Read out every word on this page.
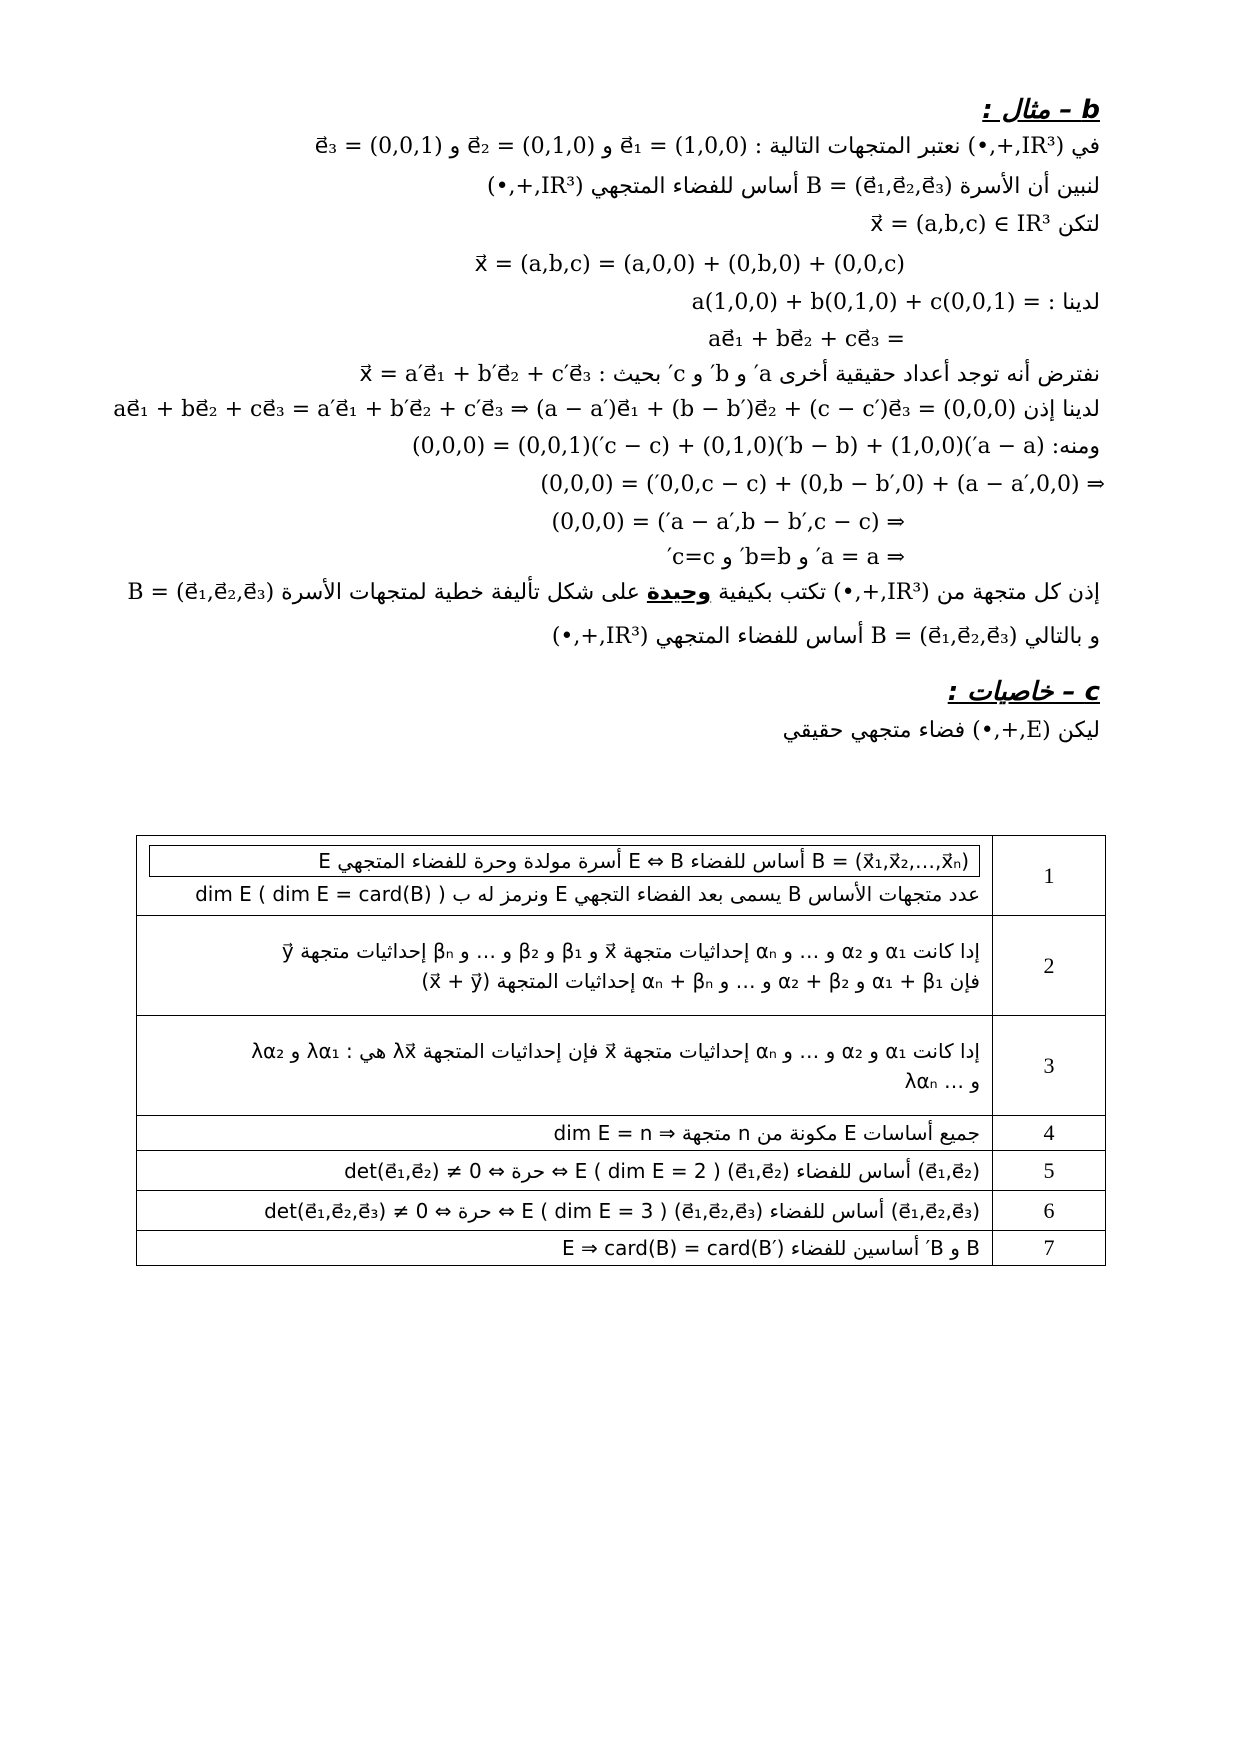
b – مثال :
في (IR³,+,•) نعتبر المتجهات التالية : e⃗₁ = (1,0,0) و e⃗₂ = (0,1,0) و e⃗₃ = (0,0,1)
لنبين أن الأسرة B = (e⃗₁,e⃗₂,e⃗₃) أساس للفضاء المتجهي (IR³,+,•)
لتكن x⃗ = (a,b,c) ∈ IR³
x⃗ = (a,b,c) = (a,0,0) + (0,b,0) + (0,0,c)
لدينا : = a(1,0,0) + b(0,1,0) + c(0,0,1)
= ae⃗₁ + be⃗₂ + ce⃗₃
نفترض أنه توجد أعداد حقيقية أخرى a′ و b′ و c′ بحيث : x⃗ = a′e⃗₁ + b′e⃗₂ + c′e⃗₃
لدينا إذن ae⃗₁ + be⃗₂ + ce⃗₃ = a′e⃗₁ + b′e⃗₂ + c′e⃗₃ ⇒ (a − a′)e⃗₁ + (b − b′)e⃗₂ + (c − c′)e⃗₃ = (0,0,0)
ومنه: (a − a′)(1,0,0) + (b − b′)(0,1,0) + (c − c′)(0,0,1) = (0,0,0)
⇒ (a − a′,0,0) + (0,b − b′,0) + (0,0,c − c′) = (0,0,0)
⇒ (a − a′,b − b′,c − c′) = (0,0,0)
⇒ a = a′ و b=b′ و c=c′
إذن كل متجهة من (IR³,+,•) تكتب بكيفية وحيدة على شكل تأليفة خطية لمتجهات الأسرة B = (e⃗₁,e⃗₂,e⃗₃)
و بالتالي B = (e⃗₁,e⃗₂,e⃗₃) أساس للفضاء المتجهي (IR³,+,•)
c – خاصيات :
ليكن (E,+,•) فضاء متجهي حقيقي
B = (x⃗₁,x⃗₂,…,x⃗ₙ) أساس للفضاء E ⇔ B أسرة مولدة وحرة للفضاء المتجهي E
عدد متجهات الأساس B يسمى بعد الفضاء التجهي E ونرمز له ب dim E ( dim E = card(B) )	1

إدا كانت α₁ و α₂ و … و αₙ إحداثيات متجهة x⃗ و β₁ و β₂ و … و βₙ إحداثيات متجهة y⃗
فإن α₁ + β₁ و α₂ + β₂ و … و αₙ + βₙ إحداثيات المتجهة (x⃗ + y⃗)	2

إدا كانت α₁ و α₂ و … و αₙ إحداثيات متجهة x⃗ فإن إحداثيات المتجهة λx⃗ هي : λα₁ و λα₂
و … λαₙ	3
جميع أساسات E مكونة من n متجهة ⇒ dim E = n	4
(e⃗₁,e⃗₂) أساس للفضاء E ( dim E = 2 ) (e⃗₁,e⃗₂) ⇔ حرة ⇔ det(e⃗₁,e⃗₂) ≠ 0	5
(e⃗₁,e⃗₂,e⃗₃) أساس للفضاء E ( dim E = 3 ) (e⃗₁,e⃗₂,e⃗₃) ⇔ حرة ⇔ det(e⃗₁,e⃗₂,e⃗₃) ≠ 0	6
B و B′ أساسين للفضاء E ⇒ card(B) = card(B′)	7
